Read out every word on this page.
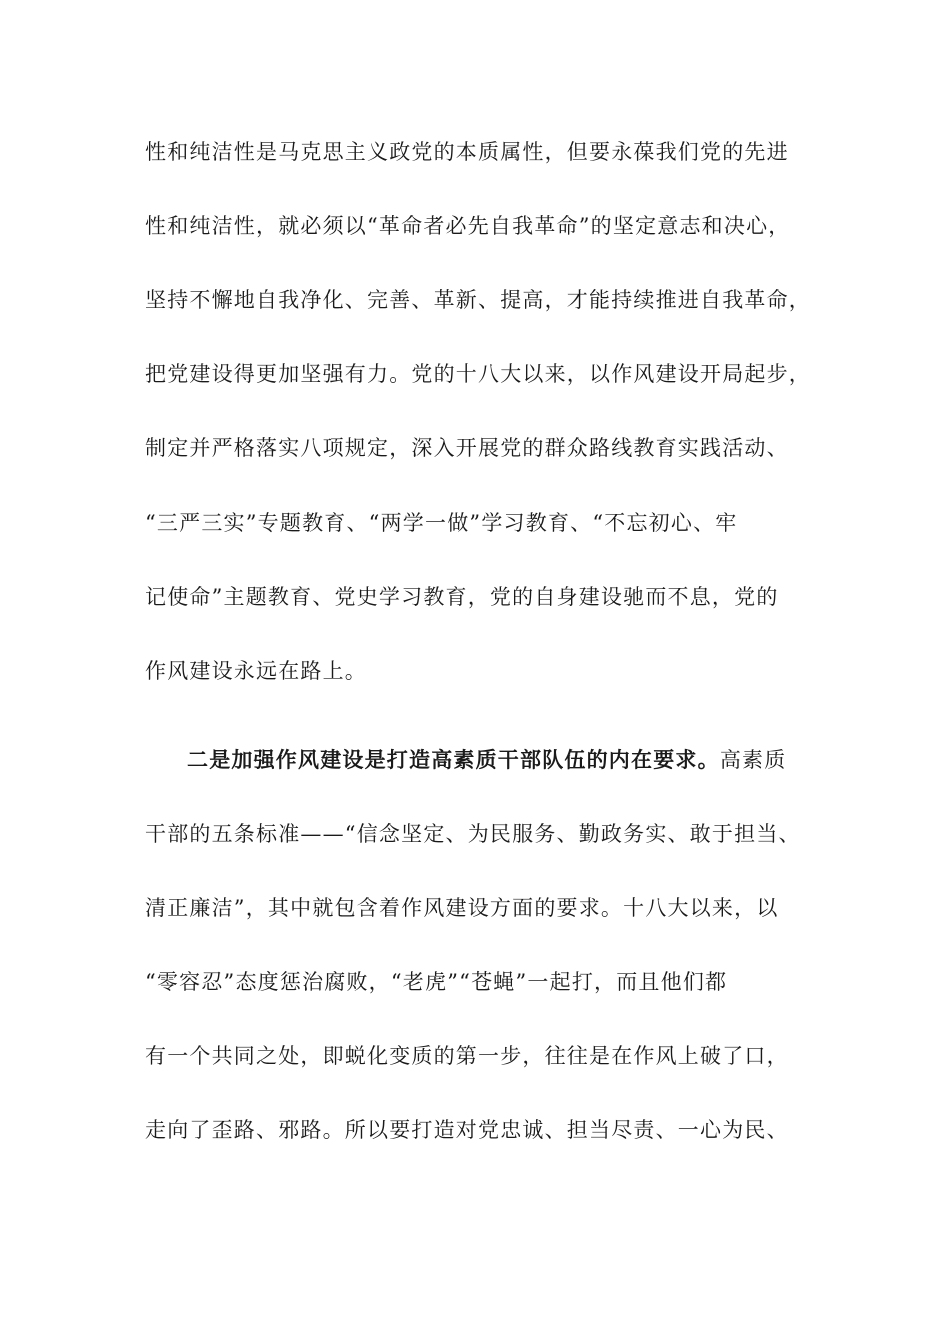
性和纯洁性是马克思主义政党的本质属性，但要永葆我们党的先进
性和纯洁性，就必须以“革命者必先自我革命”的坚定意志和决心，
坚持不懈地自我净化、完善、革新、提高，才能持续推进自我革命，
把党建设得更加坚强有力。党的十八大以来，以作风建设开局起步，
制定并严格落实八项规定，深入开展党的群众路线教育实践活动、
“三严三实”专题教育、“两学一做”学习教育、“不忘初心、牢
记使命”主题教育、党史学习教育，党的自身建设驰而不息，党的
作风建设永远在路上。
二是加强作风建设是打造高素质干部队伍的内在要求。高素质
干部的五条标准——“信念坚定、为民服务、勤政务实、敢于担当、
清正廉洁”，其中就包含着作风建设方面的要求。十八大以来，以
“零容忍”态度惩治腐败，“老虎”“苍蝇”一起打，而且他们都
有一个共同之处，即蜕化变质的第一步，往往是在作风上破了口，
走向了歪路、邪路。所以要打造对党忠诚、担当尽责、一心为民、
